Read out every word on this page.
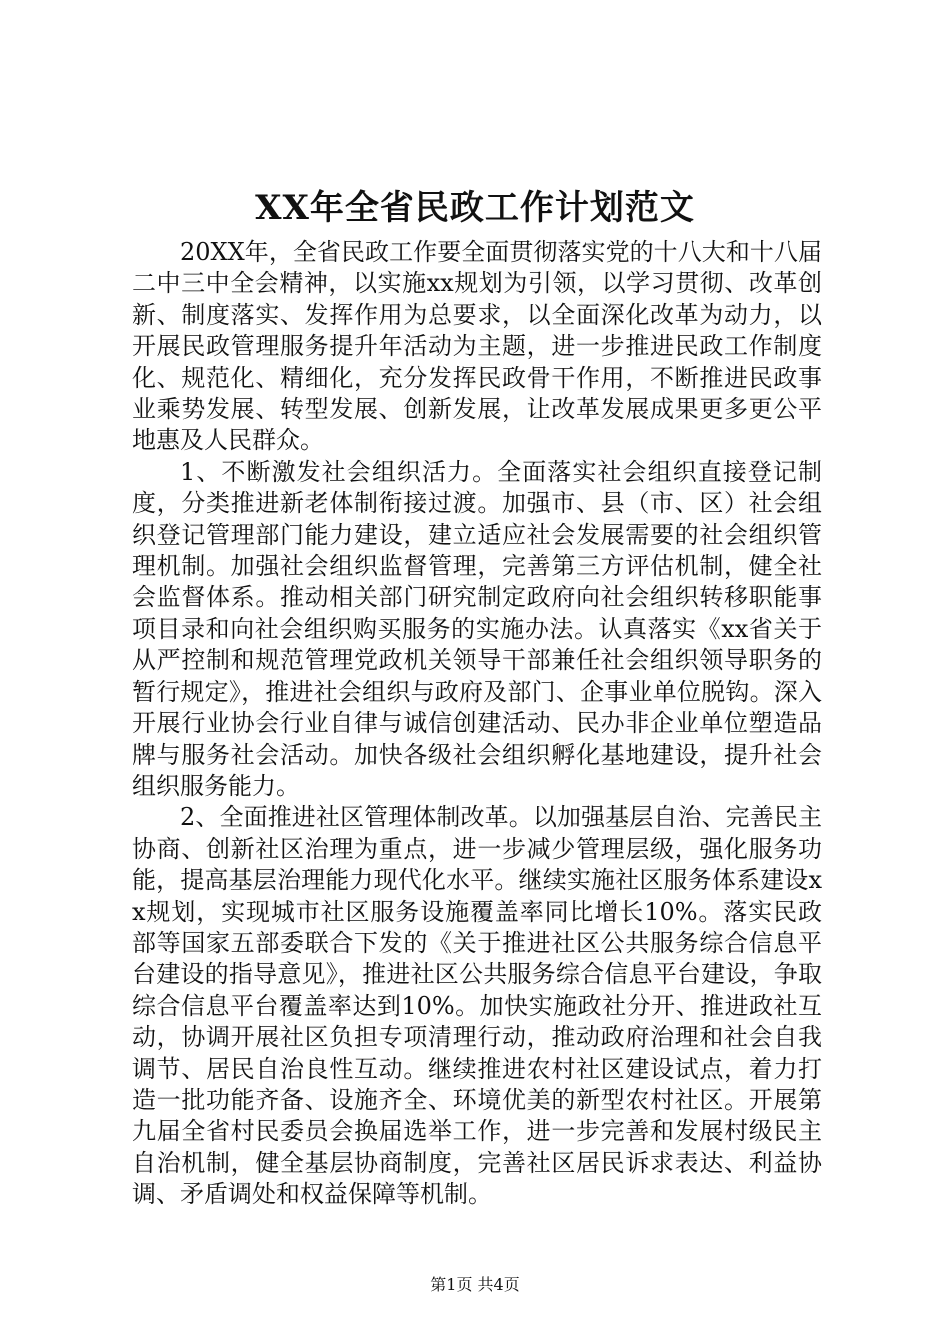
XX年全省民政工作计划范文

20XX年，全省民政工作要全面贯彻落实党的十八大和十八届二中三中全会精神，以实施xx规划为引领，以学习贯彻、改革创新、制度落实、发挥作用为总要求，以全面深化改革为动力，以开展民政管理服务提升年活动为主题，进一步推进民政工作制度化、规范化、精细化，充分发挥民政骨干作用，不断推进民政事业乘势发展、转型发展、创新发展，让改革发展成果更多更公平地惠及人民群众。

1、不断激发社会组织活力。全面落实社会组织直接登记制度，分类推进新老体制衔接过渡。加强市、县（市、区）社会组织登记管理部门能力建设，建立适应社会发展需要的社会组织管理机制。加强社会组织监督管理，完善第三方评估机制，健全社会监督体系。推动相关部门研究制定政府向社会组织转移职能事项目录和向社会组织购买服务的实施办法。认真落实《xx省关于从严控制和规范管理党政机关领导干部兼任社会组织领导职务的暂行规定》，推进社会组织与政府及部门、企事业单位脱钩。深入开展行业协会行业自律与诚信创建活动、民办非企业单位塑造品牌与服务社会活动。加快各级社会组织孵化基地建设，提升社会组织服务能力。

2、全面推进社区管理体制改革。以加强基层自治、完善民主协商、创新社区治理为重点，进一步减少管理层级，强化服务功能，提高基层治理能力现代化水平。继续实施社区服务体系建设xx规划，实现城市社区服务设施覆盖率同比增长10%。落实民政部等国家五部委联合下发的《关于推进社区公共服务综合信息平台建设的指导意见》，推进社区公共服务综合信息平台建设，争取综合信息平台覆盖率达到10%。加快实施政社分开、推进政社互动，协调开展社区负担专项清理行动，推动政府治理和社会自我调节、居民自治良性互动。继续推进农村社区建设试点，着力打造一批功能齐备、设施齐全、环境优美的新型农村社区。开展第九届全省村民委员会换届选举工作，进一步完善和发展村级民主自治机制，健全基层协商制度，完善社区居民诉求表达、利益协调、矛盾调处和权益保障等机制。

第1页 共4页
